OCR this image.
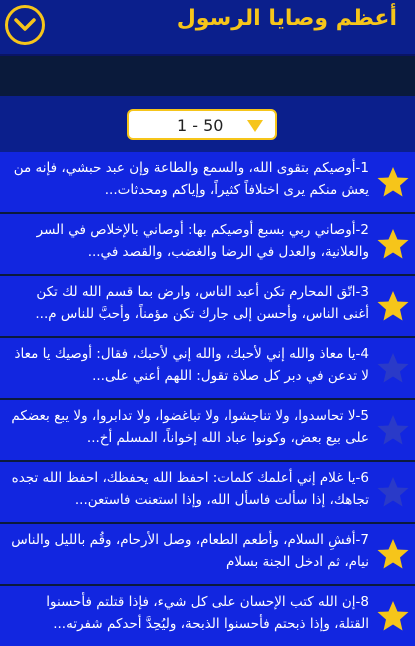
أعظم وصايا الرسول
1 - 50
1-أوصيكم بتقوى الله، والسمع والطاعة وإن عبد حبشي، فإنه من يعش منكم يرى اختلافاً كثيراً، وإياكم ومحدثات...
2-أوصاني ربي بسبع أوصيكم بها: أوصاني بالإخلاص في السر والعلانية، والعدل في الرضا والغضب، والقصد في...
3-اتّق المحارم تكن أعبد الناس، وارض بما قسم الله لك تكن أغنى الناس، وأحسن إلى جارك تكن مؤمناً، وأحبَّ للناس م...
4-يا معاذ والله إني لأحبك، والله إني لأحبك، فقال: أوصيك يا معاذ لا تدعن في دبر كل صلاة تقول: اللهم أعني على...
5-لا تحاسدوا، ولا تناجشوا، ولا تباغضوا، ولا تدابروا، ولا يبع بعضكم على بيع بعض، وكونوا عباد الله إخواناً، المسلم أخ...
6-يا غلام إني أعلمك كلمات: احفظ الله يحفظك، احفظ الله تجده تجاهك، إذا سألت فاسأل الله، وإذا استعنت فاستعن...
7-أفشِ السلام، وأطعم الطعام، وصل الأرحام، وقُم بالليل والناس نيام، ثم ادخل الجنة بسلام
8-إن الله كتب الإحسان على كل شيء، فإذا قتلتم فأحسنوا القتلة، وإذا ذبحتم فأحسنوا الذبحة، وليُحِدَّ أحدكم شفرته...
